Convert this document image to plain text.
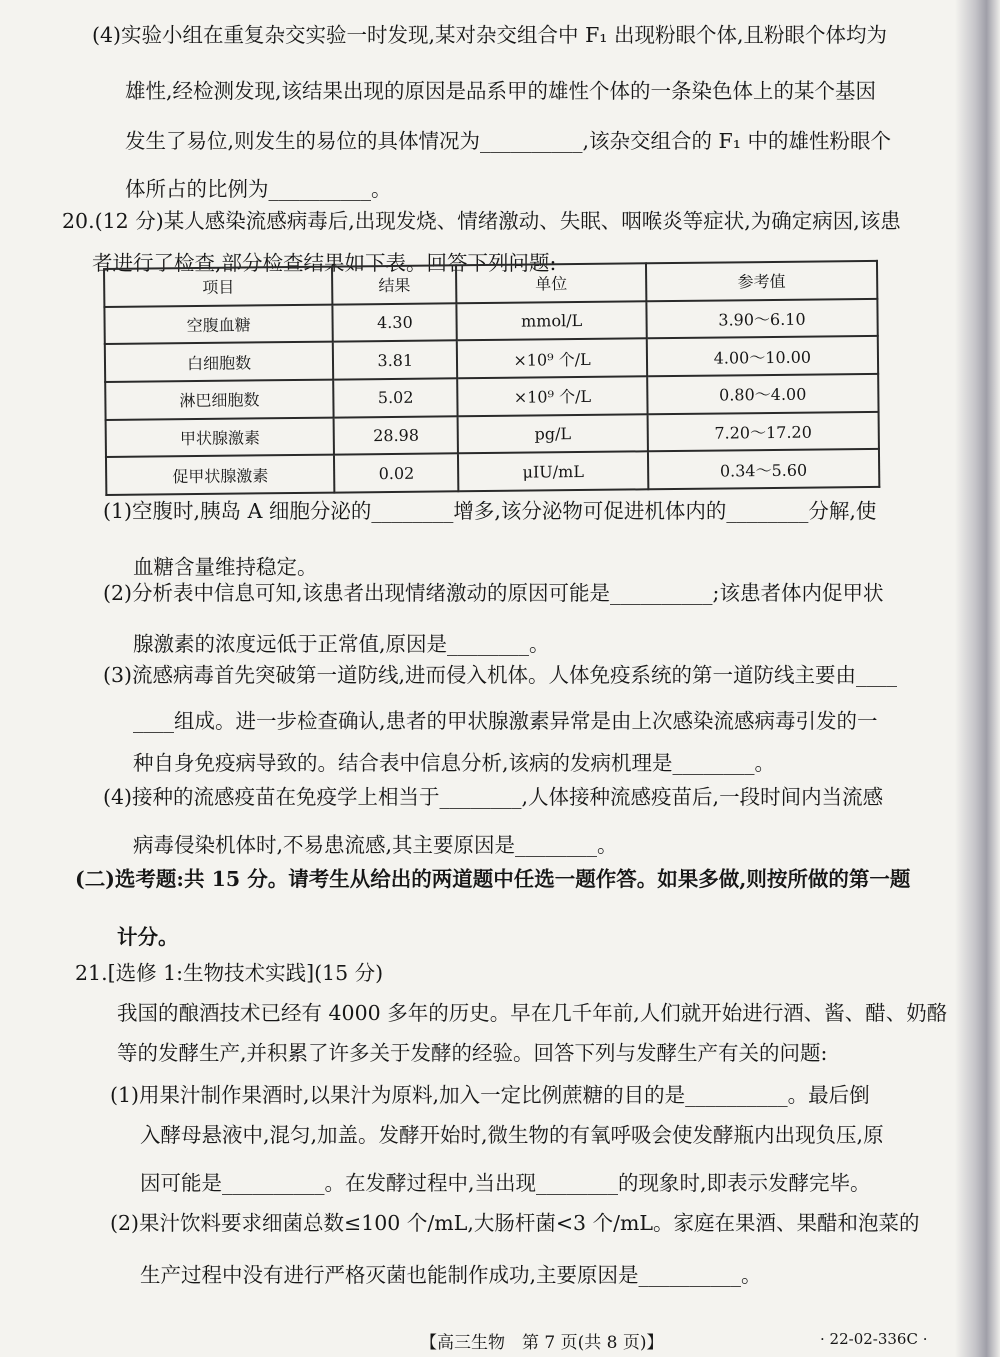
(4)实验小组在重复杂交实验一时发现,某对杂交组合中 F₁ 出现粉眼个体,且粉眼个体均为
雄性,经检测发现,该结果出现的原因是品系甲的雄性个体的一条染色体上的某个基因
发生了易位,则发生的易位的具体情况为__________,该杂交组合的 F₁ 中的雄性粉眼个
体所占的比例为__________。
20.(12 分)某人感染流感病毒后,出现发烧、情绪激动、失眠、咽喉炎等症状,为确定病因,该患
者进行了检查,部分检查结果如下表。回答下列问题:
项目	结果	单位	参考值
空腹血糖	4.30	mmol/L	3.90～6.10
白细胞数	3.81	×10⁹ 个/L	4.00～10.00
淋巴细胞数	5.02	×10⁹ 个/L	0.80～4.00
甲状腺激素	28.98	pg/L	7.20～17.20
促甲状腺激素	0.02	μIU/mL	0.34～5.60
(1)空腹时,胰岛 A 细胞分泌的________增多,该分泌物可促进机体内的________分解,使
血糖含量维持稳定。
(2)分析表中信息可知,该患者出现情绪激动的原因可能是__________;该患者体内促甲状
腺激素的浓度远低于正常值,原因是________。
(3)流感病毒首先突破第一道防线,进而侵入机体。人体免疫系统的第一道防线主要由____
____组成。进一步检查确认,患者的甲状腺激素异常是由上次感染流感病毒引发的一
种自身免疫病导致的。结合表中信息分析,该病的发病机理是________。
(4)接种的流感疫苗在免疫学上相当于________,人体接种流感疫苗后,一段时间内当流感
病毒侵染机体时,不易患流感,其主要原因是________。
(二)选考题:共 15 分。请考生从给出的两道题中任选一题作答。如果多做,则按所做的第一题
计分。
21.[选修 1:生物技术实践](15 分)
我国的酿酒技术已经有 4000 多年的历史。早在几千年前,人们就开始进行酒、酱、醋、奶酪
等的发酵生产,并积累了许多关于发酵的经验。回答下列与发酵生产有关的问题:
(1)用果汁制作果酒时,以果汁为原料,加入一定比例蔗糖的目的是__________。最后倒
入酵母悬液中,混匀,加盖。发酵开始时,微生物的有氧呼吸会使发酵瓶内出现负压,原
因可能是__________。在发酵过程中,当出现________的现象时,即表示发酵完毕。
(2)果汁饮料要求细菌总数≤100 个/mL,大肠杆菌<3 个/mL。家庭在果酒、果醋和泡菜的
生产过程中没有进行严格灭菌也能制作成功,主要原因是__________。
【高三生物　第 7 页(共 8 页)】	· 22-02-336C ·
